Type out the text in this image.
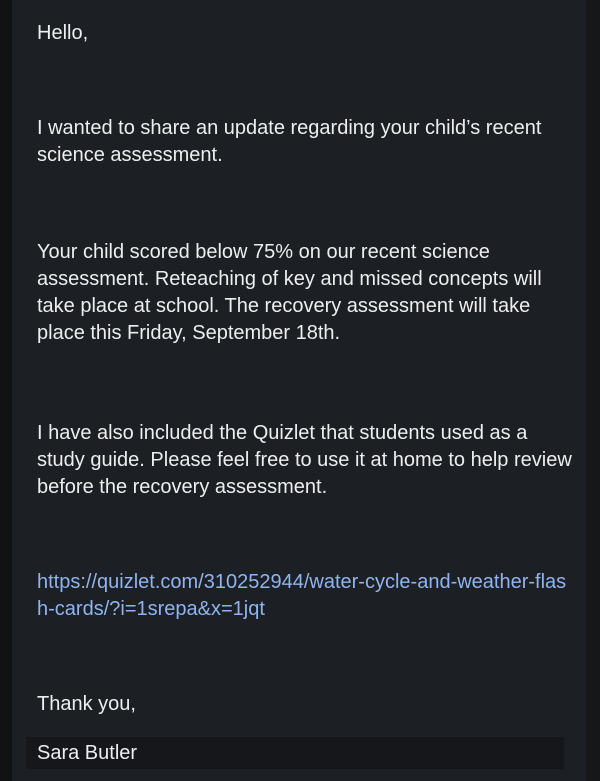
Hello,

I wanted to share an update regarding your child’s recent science assessment.

Your child scored below 75% on our recent science assessment. Reteaching of key and missed concepts will take place at school. The recovery assessment will take place this Friday, September 18th.

I have also included the Quizlet that students used as a study guide. Please feel free to use it at home to help review before the recovery assessment.

https://quizlet.com/310252944/water-cycle-and-weather-flash-cards/?i=1srepa&x=1jqt

Thank you,

Sara Butler
